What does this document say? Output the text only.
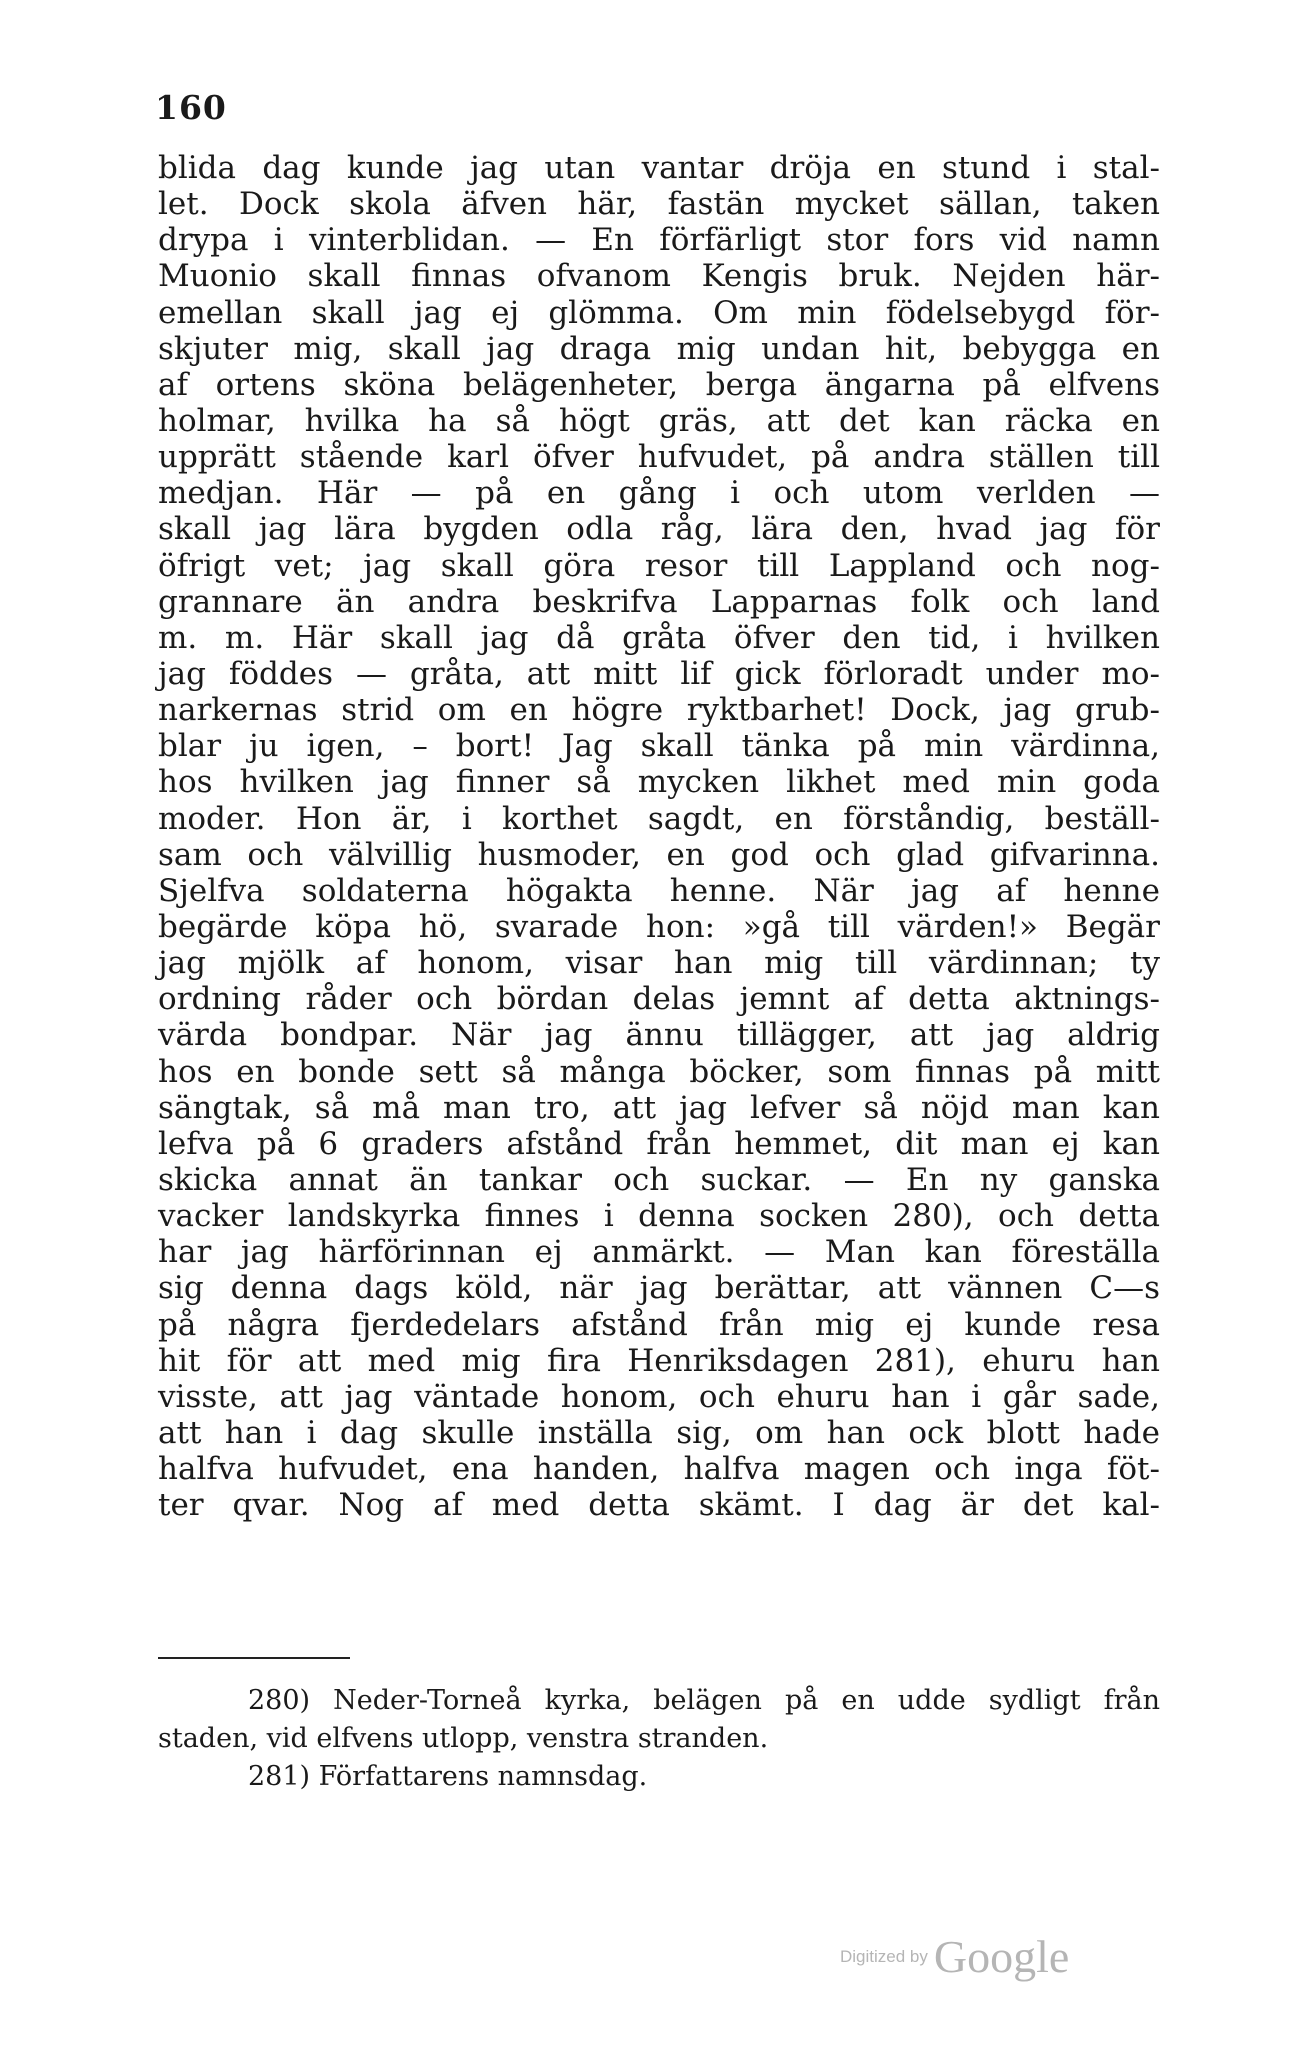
160
blida dag kunde jag utan vantar dröja en stund i stal-
let. Dock skola äfven här, fastän mycket sällan, taken
drypa i vinterblidan. — En förfärligt stor fors vid namn
Muonio skall finnas ofvanom Kengis bruk. Nejden här-
emellan skall jag ej glömma. Om min födelsebygd för-
skjuter mig, skall jag draga mig undan hit, bebygga en
af ortens sköna belägenheter, berga ängarna på elfvens
holmar, hvilka ha så högt gräs, att det kan räcka en
upprätt stående karl öfver hufvudet, på andra ställen till
medjan. Här — på en gång i och utom verlden —
skall jag lära bygden odla råg, lära den, hvad jag för
öfrigt vet; jag skall göra resor till Lappland och nog-
grannare än andra beskrifva Lapparnas folk och land
m. m. Här skall jag då gråta öfver den tid, i hvilken
jag föddes — gråta, att mitt lif gick förloradt under mo-
narkernas strid om en högre ryktbarhet! Dock, jag grub-
blar ju igen, – bort! Jag skall tänka på min värdinna,
hos hvilken jag finner så mycken likhet med min goda
moder. Hon är, i korthet sagdt, en förståndig, beställ-
sam och välvillig husmoder, en god och glad gifvarinna.
Sjelfva soldaterna högakta henne. När jag af henne
begärde köpa hö, svarade hon: »gå till värden!» Begär
jag mjölk af honom, visar han mig till värdinnan; ty
ordning råder och bördan delas jemnt af detta aktnings-
värda bondpar. När jag ännu tillägger, att jag aldrig
hos en bonde sett så många böcker, som finnas på mitt
sängtak, så må man tro, att jag lefver så nöjd man kan
lefva på 6 graders afstånd från hemmet, dit man ej kan
skicka annat än tankar och suckar. — En ny ganska
vacker landskyrka finnes i denna socken 280), och detta
har jag härförinnan ej anmärkt. — Man kan föreställa
sig denna dags köld, när jag berättar, att vännen C—s
på några fjerdedelars afstånd från mig ej kunde resa
hit för att med mig fira Henriksdagen 281), ehuru han
visste, att jag väntade honom, och ehuru han i går sade,
att han i dag skulle inställa sig, om han ock blott hade
halfva hufvudet, ena handen, halfva magen och inga föt-
ter qvar. Nog af med detta skämt. I dag är det kal-
280) Neder-Torneå kyrka, belägen på en udde sydligt från
staden, vid elfvens utlopp, venstra stranden.
281) Författarens namnsdag.
Digitized by Google
